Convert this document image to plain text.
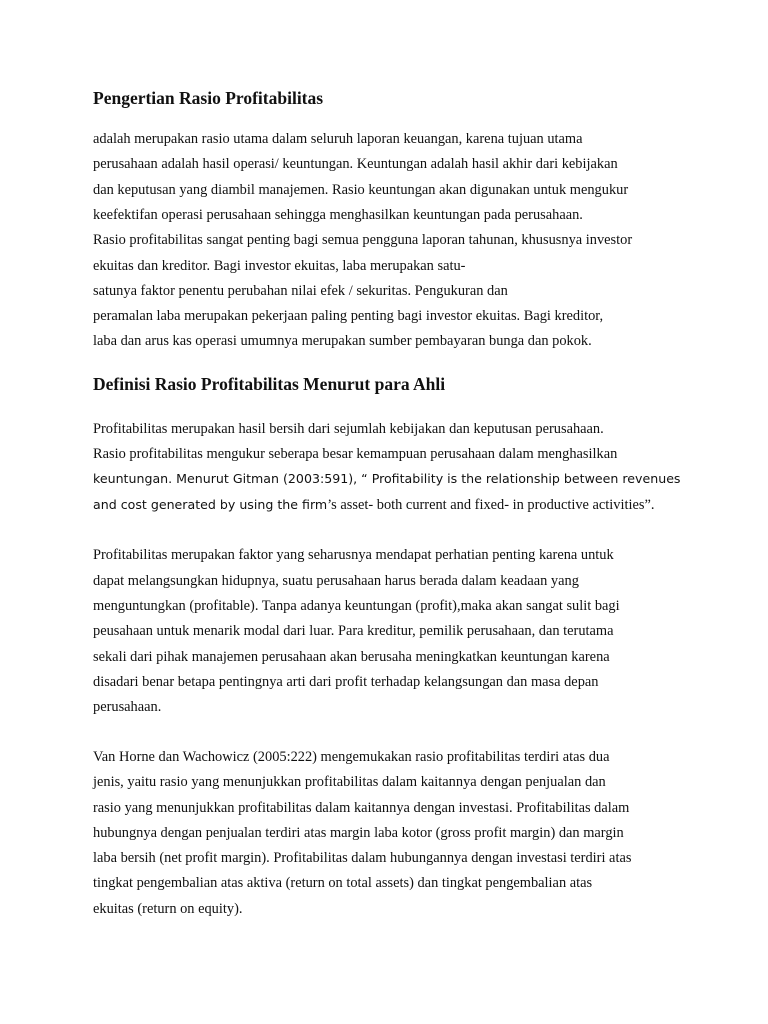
Pengertian Rasio Profitabilitas
adalah merupakan rasio utama dalam seluruh laporan keuangan, karena tujuan utama
perusahaan adalah hasil operasi/ keuntungan. Keuntungan adalah hasil akhir dari kebijakan
dan keputusan yang diambil manajemen. Rasio keuntungan akan digunakan untuk mengukur
keefektifan operasi perusahaan sehingga menghasilkan keuntungan pada perusahaan.
Rasio profitabilitas sangat penting bagi semua pengguna laporan tahunan, khususnya investor
ekuitas dan kreditor. Bagi investor ekuitas, laba merupakan satu-
satunya faktor penentu perubahan nilai efek / sekuritas. Pengukuran dan
peramalan laba merupakan pekerjaan paling penting bagi investor ekuitas. Bagi kreditor,
laba dan arus kas operasi umumnya merupakan sumber pembayaran bunga dan pokok.
Definisi Rasio Profitabilitas Menurut para Ahli
Profitabilitas merupakan hasil bersih dari sejumlah kebijakan dan keputusan perusahaan.
Rasio profitabilitas mengukur seberapa besar kemampuan perusahaan dalam menghasilkan
keuntungan. Menurut Gitman (2003:591), “ Profitability is the relationship between revenues
and cost generated by using the firm’s asset- both current and fixed- in productive activities”.
Profitabilitas merupakan faktor yang seharusnya mendapat perhatian penting karena untuk
dapat melangsungkan hidupnya, suatu perusahaan harus berada dalam keadaan yang
menguntungkan (profitable). Tanpa adanya keuntungan (profit),maka akan sangat sulit bagi
peusahaan untuk menarik modal dari luar. Para kreditur, pemilik perusahaan, dan terutama
sekali dari pihak manajemen perusahaan akan berusaha meningkatkan keuntungan karena
disadari benar betapa pentingnya arti dari profit terhadap kelangsungan dan masa depan
perusahaan.
Van Horne dan Wachowicz (2005:222) mengemukakan rasio profitabilitas terdiri atas dua
jenis, yaitu rasio yang menunjukkan profitabilitas dalam kaitannya dengan penjualan dan
rasio yang menunjukkan profitabilitas dalam kaitannya dengan investasi. Profitabilitas dalam
hubungnya dengan penjualan terdiri atas margin laba kotor (gross profit margin) dan margin
laba bersih (net profit margin). Profitabilitas dalam hubungannya dengan investasi terdiri atas
tingkat pengembalian atas aktiva (return on total assets) dan tingkat pengembalian atas
ekuitas (return on equity).
